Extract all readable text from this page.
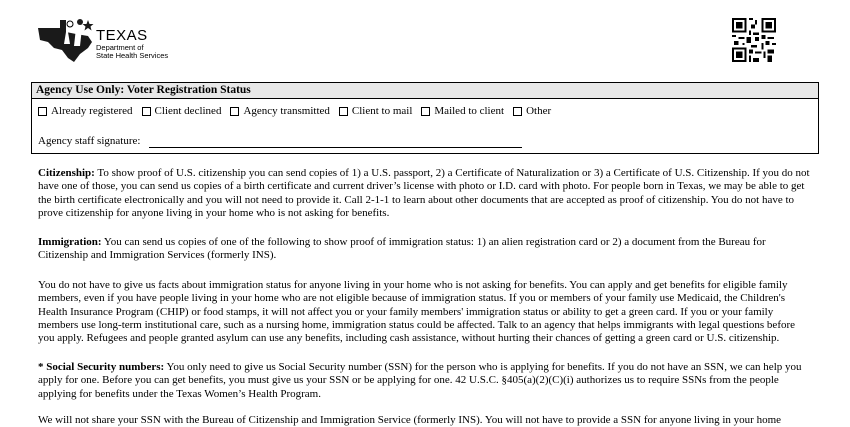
TEXAS
Department of
State Health Services
Agency Use Only: Voter Registration Status
Already registered Client declined Agency transmitted Client to mail Mailed to client Other
Agency staff signature:

Citizenship: To show proof of U.S. citizenship you can send copies of 1) a U.S. passport, 2) a Certificate of Naturalization or 3) a Certificate of U.S. Citizenship. If you do not have one of those, you can send us copies of a birth certificate and current driver’s license with photo or I.D. card with photo. For people born in Texas, we may be able to get the birth certificate electronically and you will not need to provide it. Call 2-1-1 to learn about other documents that are accepted as proof of citizenship. You do not have to prove citizenship for anyone living in your home who is not asking for benefits.

Immigration: You can send us copies of one of the following to show proof of immigration status: 1) an alien registration card or 2) a document from the Bureau for Citizenship and Immigration Services (formerly INS).

You do not have to give us facts about immigration status for anyone living in your home who is not asking for benefits. You can apply and get benefits for eligible family members, even if you have people living in your home who are not eligible because of immigration status. If you or members of your family use Medicaid, the Children's Health Insurance Program (CHIP) or food stamps, it will not affect you or your family members' immigration status or ability to get a green card. If you or your family members use long-term institutional care, such as a nursing home, immigration status could be affected. Talk to an agency that helps immigrants with legal questions before you apply. Refugees and people granted asylum can use any benefits, including cash assistance, without hurting their chances of getting a green card or U.S. citizenship.

* Social Security numbers: You only need to give us Social Security number (SSN) for the person who is applying for benefits. If you do not have an SSN, we can help you apply for one. Before you can get benefits, you must give us your SSN or be applying for one. 42 U.S.C. §405(a)(2)(C)(i) authorizes us to require SSNs from the people applying for benefits under the Texas Women’s Health Program.

We will not share your SSN with the Bureau of Citizenship and Immigration Service (formerly INS). You will not have to provide a SSN for anyone living in your home
